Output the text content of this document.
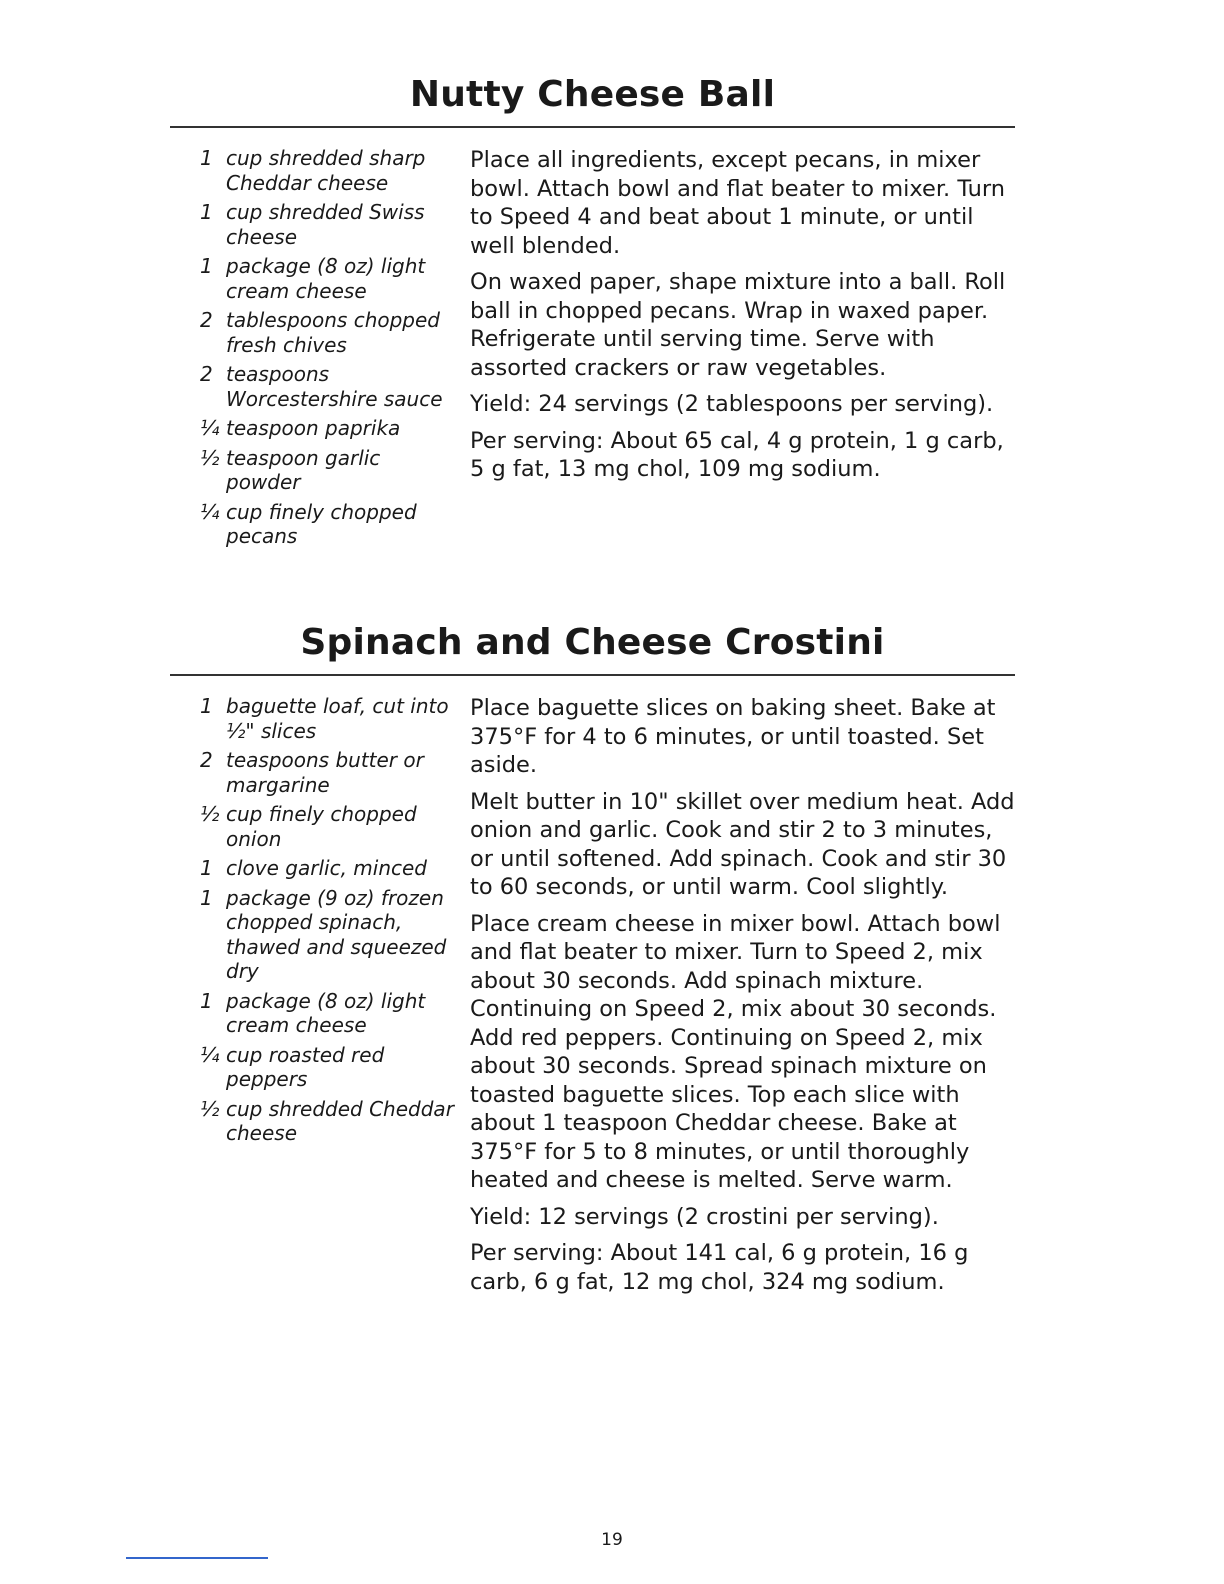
Nutty Cheese Ball
1 cup shredded sharp Cheddar cheese
1 cup shredded Swiss cheese
1 package (8 oz) light cream cheese
2 tablespoons chopped fresh chives
2 teaspoons Worcestershire sauce
¼ teaspoon paprika
½ teaspoon garlic powder
¼ cup finely chopped pecans

Place all ingredients, except pecans, in mixer bowl. Attach bowl and flat beater to mixer. Turn to Speed 4 and beat about 1 minute, or until well blended.

On waxed paper, shape mixture into a ball. Roll ball in chopped pecans. Wrap in waxed paper. Refrigerate until serving time. Serve with assorted crackers or raw vegetables.

Yield: 24 servings (2 tablespoons per serving).

Per serving: About 65 cal, 4 g protein, 1 g carb, 5 g fat, 13 mg chol, 109 mg sodium.

Spinach and Cheese Crostini
1 baguette loaf, cut into ½" slices
2 teaspoons butter or margarine
½ cup finely chopped onion
1 clove garlic, minced
1 package (9 oz) frozen chopped spinach, thawed and squeezed dry
1 package (8 oz) light cream cheese
¼ cup roasted red peppers
½ cup shredded Cheddar cheese

Place baguette slices on baking sheet. Bake at 375°F for 4 to 6 minutes, or until toasted. Set aside.

Melt butter in 10" skillet over medium heat. Add onion and garlic. Cook and stir 2 to 3 minutes, or until softened. Add spinach. Cook and stir 30 to 60 seconds, or until warm. Cool slightly.

Place cream cheese in mixer bowl. Attach bowl and flat beater to mixer. Turn to Speed 2, mix about 30 seconds. Add spinach mixture. Continuing on Speed 2, mix about 30 seconds. Add red peppers. Continuing on Speed 2, mix about 30 seconds. Spread spinach mixture on toasted baguette slices. Top each slice with about 1 teaspoon Cheddar cheese. Bake at 375°F for 5 to 8 minutes, or until thoroughly heated and cheese is melted. Serve warm.

Yield: 12 servings (2 crostini per serving).

Per serving: About 141 cal, 6 g protein, 16 g carb, 6 g fat, 12 mg chol, 324 mg sodium.

19
